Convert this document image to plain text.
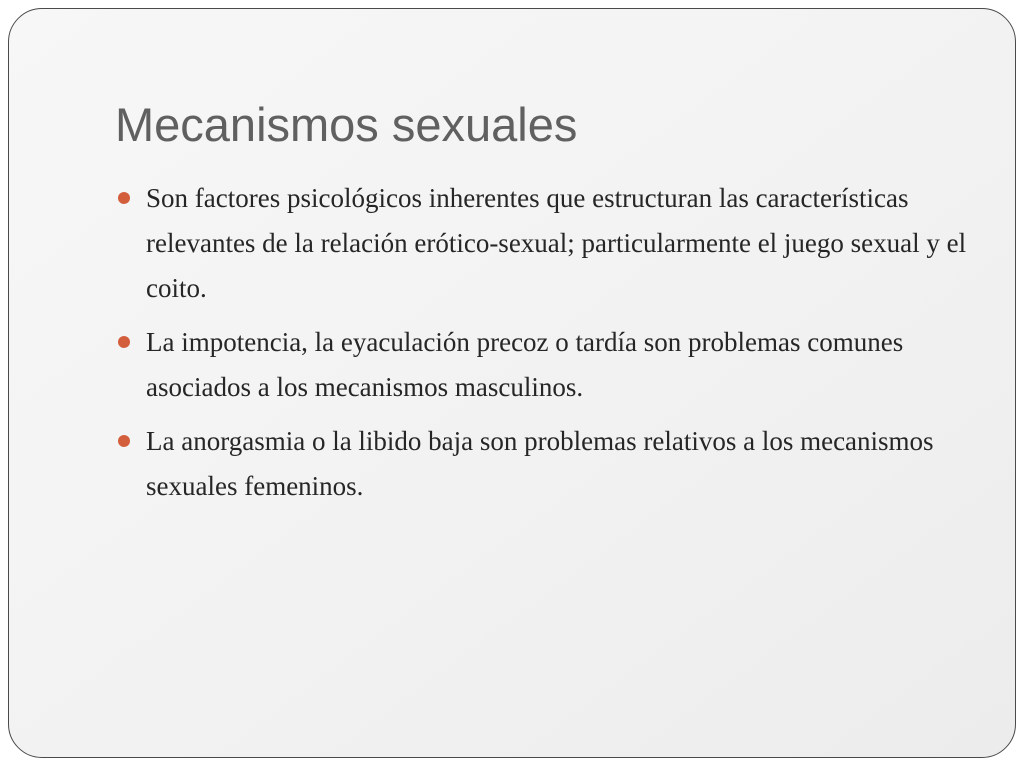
Mecanismos sexuales
Son factores psicológicos inherentes que estructuran las características relevantes de la relación erótico-sexual; particularmente el juego sexual y el coito.
La impotencia, la eyaculación precoz o tardía son problemas comunes asociados a los mecanismos masculinos.
La anorgasmia o la libido baja son problemas relativos a los mecanismos sexuales femeninos.
